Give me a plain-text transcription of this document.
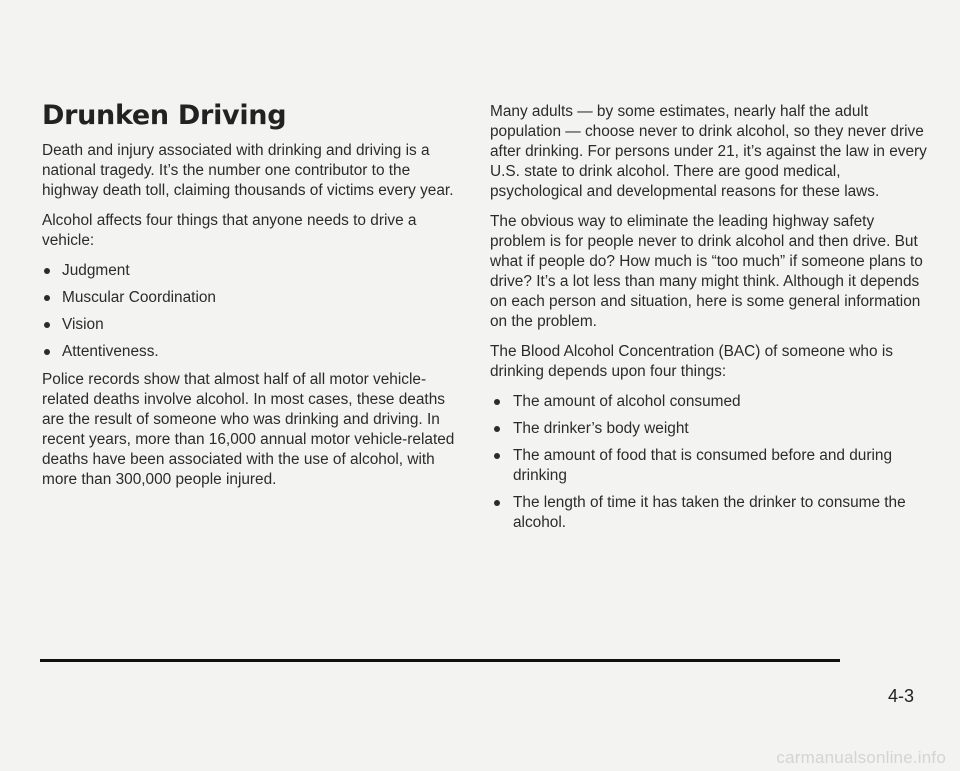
Drunken Driving

Death and injury associated with drinking and driving is a national tragedy. It’s the number one contributor to the highway death toll, claiming thousands of victims every year.

Alcohol affects four things that anyone needs to drive a vehicle:

Judgment
Muscular Coordination
Vision
Attentiveness.

Police records show that almost half of all motor vehicle-related deaths involve alcohol. In most cases, these deaths are the result of someone who was drinking and driving. In recent years, more than 16,000 annual motor vehicle-related deaths have been associated with the use of alcohol, with more than 300,000 people injured.

Many adults — by some estimates, nearly half the adult population — choose never to drink alcohol, so they never drive after drinking. For persons under 21, it’s against the law in every U.S. state to drink alcohol. There are good medical, psychological and developmental reasons for these laws.

The obvious way to eliminate the leading highway safety problem is for people never to drink alcohol and then drive. But what if people do? How much is “too much” if someone plans to drive? It’s a lot less than many might think. Although it depends on each person and situation, here is some general information on the problem.

The Blood Alcohol Concentration (BAC) of someone who is drinking depends upon four things:

The amount of alcohol consumed
The drinker’s body weight
The amount of food that is consumed before and during drinking
The length of time it has taken the drinker to consume the alcohol.
4-3
carmanualsonline.info
